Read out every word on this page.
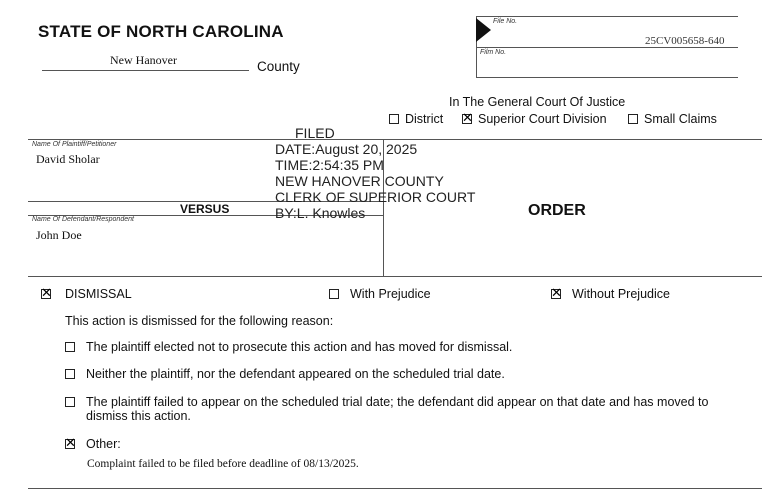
STATE OF NORTH CAROLINA
New Hanover	County
File No.
25CV005658-640
Film No.
In The General Court Of Justice
District ✕	Superior Court Division	Small Claims
Name Of Plaintiff/Petitioner
David Sholar
VERSUS
Name Of Defendant/Respondent
John Doe
FILED
DATE:August 20, 2025
TIME:2:54:35 PM
NEW HANOVER COUNTY
CLERK OF SUPERIOR COURT
BY:L. Knowles	ORDER
✕
DISMISSAL	With Prejudice ✕	Without Prejudice
This action is dismissed for the following reason:
The plaintiff elected not to prosecute this action and has moved for dismissal.
Neither the plaintiff, nor the defendant appeared on the scheduled trial date.
The plaintiff failed to appear on the scheduled trial date; the defendant did appear on that date and has moved to dismiss this action.
✕
Other:
Complaint failed to be filed before deadline of 08/13/2025.
